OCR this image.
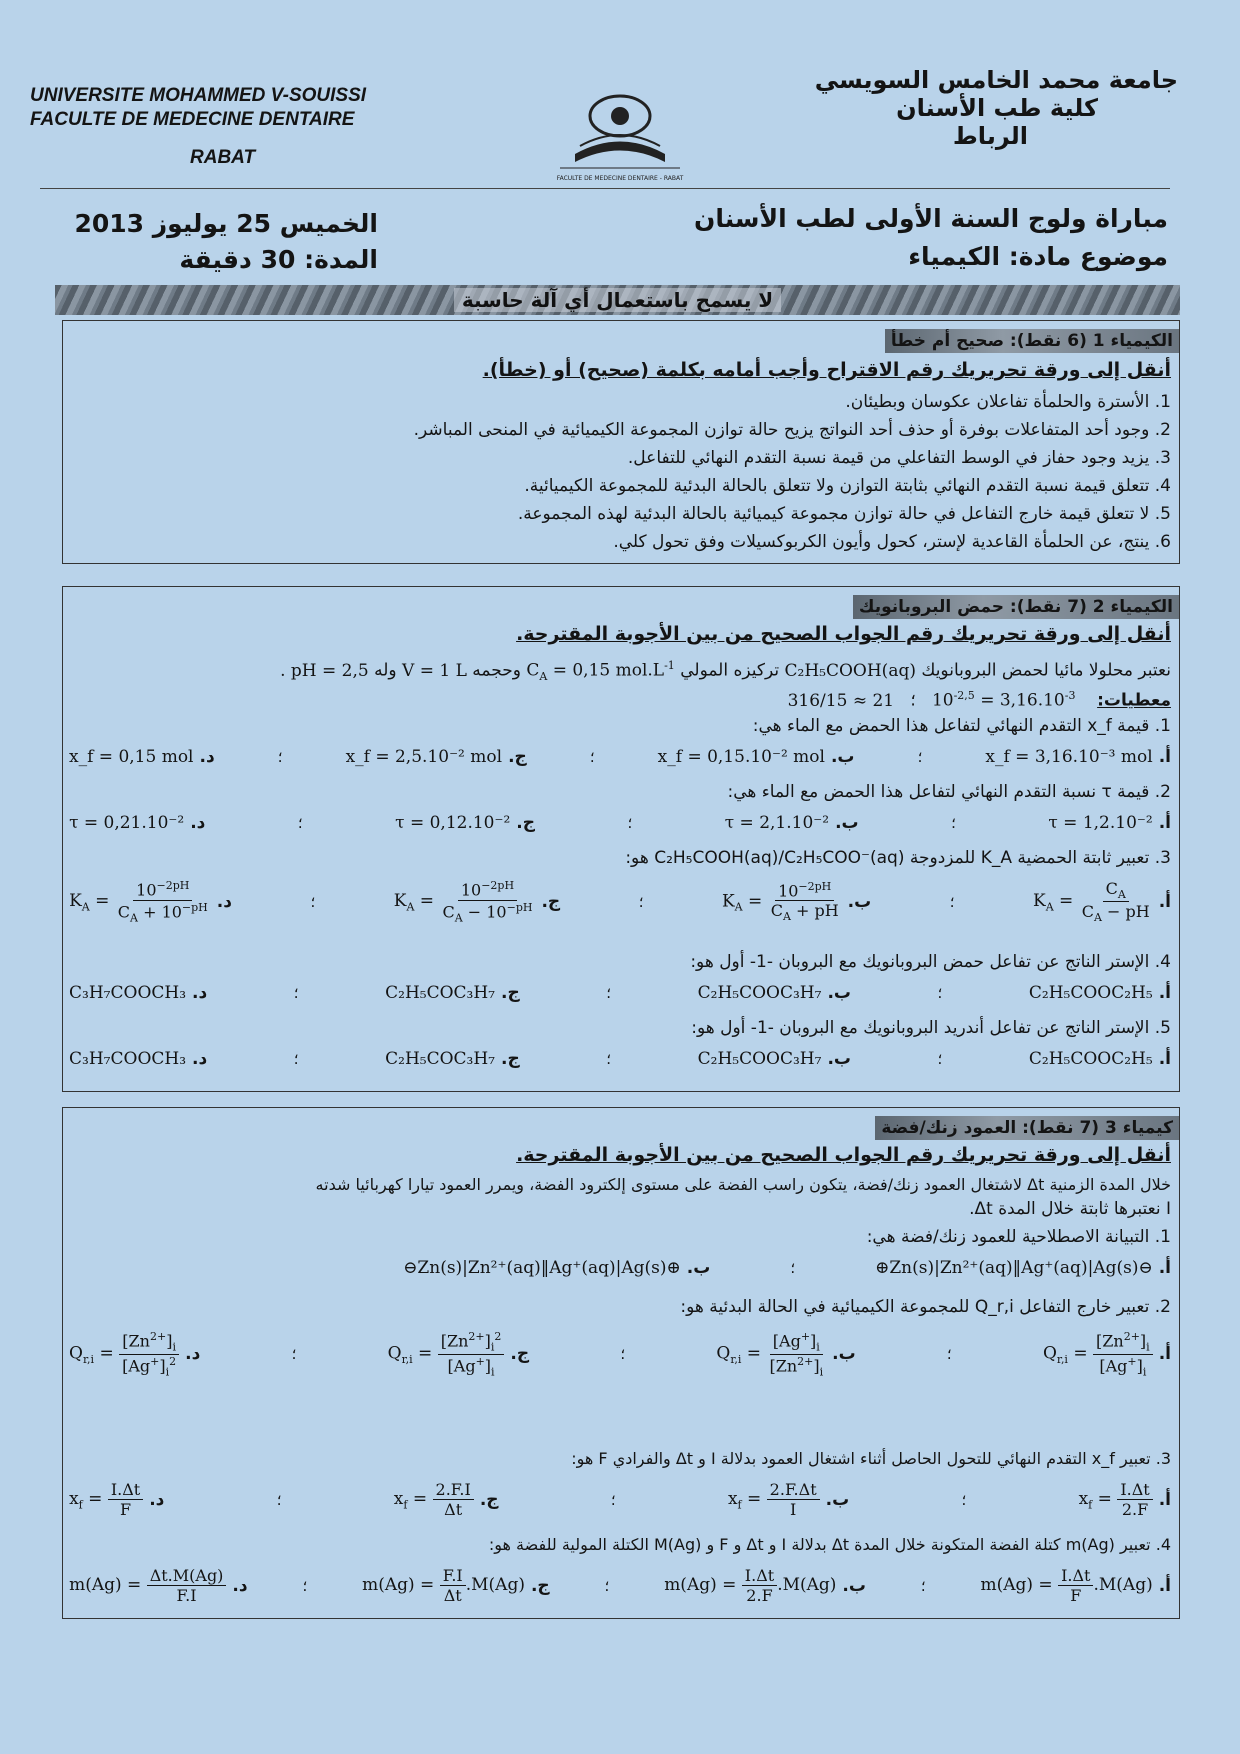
UNIVERSITE MOHAMMED V-SOUISSI
FACULTE DE MEDECINE DENTAIRE
RABAT
FACULTE DE MEDECINE DENTAIRE - RABAT
جامعة محمد الخامس السويسي
كلية طب الأسنان
الرباط
الخميس 25 يوليوز 2013
المدة: 30 دقيقة
مباراة ولوج السنة الأولى لطب الأسنان
موضوع مادة: الكيمياء
لا يسمح باستعمال أي آلة حاسبة
الكيمياء 1 (6 نقط): صحيح أم خطأ
أنقل إلى ورقة تحريريك رقم الاقتراح وأجب أمامه بكلمة (صحيح) أو (خطأ).
1. الأسترة والحلمأة تفاعلان عكوسان وبطيئان.
2. وجود أحد المتفاعلات بوفرة أو حذف أحد النواتج يزيح حالة توازن المجموعة الكيميائية في المنحى المباشر.
3. يزيد وجود حفاز في الوسط التفاعلي من قيمة نسبة التقدم النهائي للتفاعل.
4. تتعلق قيمة نسبة التقدم النهائي بثابتة التوازن ولا تتعلق بالحالة البدئية للمجموعة الكيميائية.
5. لا تتعلق قيمة خارج التفاعل في حالة توازن مجموعة كيميائية بالحالة البدئية لهذه المجموعة.
6. ينتج، عن الحلمأة القاعدية لإستر، كحول وأيون الكربوكسيلات وفق تحول كلي.
الكيمياء 2 (7 نقط): حمض البروبانويك
أنقل إلى ورقة تحريريك رقم الجواب الصحيح من بين الأجوبة المقترحة.
نعتبر محلولا مائيا لحمض البروبانويك C₂H₅COOH(aq) تركيزه المولي $C_A = 0,15$ $mol.L^{-1}$ وحجمه V = 1 L وله . pH = 2,5
معطيات:    $10^{-2,5} = 3,16.10^{-3}$   ؛   316/15 ≈ 21
1. قيمة x_f التقدم النهائي لتفاعل هذا الحمض مع الماء هي:
أ.
x_f = 3,16.10⁻³ mol
؛
ب.
x_f = 0,15.10⁻² mol
؛
ج.
x_f = 2,5.10⁻² mol
؛
د.
x_f = 0,15 mol
2. قيمة τ نسبة التقدم النهائي لتفاعل هذا الحمض مع الماء هي:
أ.
τ = 1,2.10⁻²
؛
ب.
τ = 2,1.10⁻²
؛
ج.
τ = 0,12.10⁻²
؛
د.
τ = 0,21.10⁻²
3. تعبير ثابتة الحمضية K_A للمزدوجة C₂H₅COOH(aq)/C₂H₅COO⁻(aq) هو:
أ.
$K_A = \frac{C_A}{C_A - pH}$
؛
ب.
$K_A = \frac{10^{-2pH}}{C_A + pH}$
؛
ج.
$K_A = \frac{10^{-2pH}}{C_A - 10^{-pH}}$
؛
د.
$K_A = \frac{10^{-2pH}}{C_A + 10^{-pH}}$
4. الإستر الناتج عن تفاعل حمض البروبانويك مع البروبان -1- أول هو:
أ.
C₂H₅COOC₂H₅
؛
ب.
C₂H₅COOC₃H₇
؛
ج.
C₂H₅COC₃H₇
؛
د.
C₃H₇COOCH₃
5. الإستر الناتج عن تفاعل أندريد البروبانويك مع البروبان -1- أول هو:
أ.
C₂H₅COOC₂H₅
؛
ب.
C₂H₅COOC₃H₇
؛
ج.
C₂H₅COC₃H₇
؛
د.
C₃H₇COOCH₃
كيمياء 3 (7 نقط): العمود زنك/فضة
أنقل إلى ورقة تحريريك رقم الجواب الصحيح من بين الأجوبة المقترحة.
خلال المدة الزمنية Δt لاشتغال العمود زنك/فضة، يتكون راسب الفضة على مستوى إلكترود الفضة، ويمرر العمود تيارا كهربائيا شدته
I نعتبرها ثابتة خلال المدة Δt.
1. التبيانة الاصطلاحية للعمود زنك/فضة هي:
أ.
⊕Zn(s)|Zn²⁺(aq)‖Ag⁺(aq)|Ag(s)⊖
؛
ب.
⊖Zn(s)|Zn²⁺(aq)‖Ag⁺(aq)|Ag(s)⊕
2. تعبير خارج التفاعل Q_r,i للمجموعة الكيميائية في الحالة البدئية هو:
أ.
$Q_{r,i} = \frac{[Zn^{2+}]_i}{[Ag^+]_i}$
؛
ب.
$Q_{r,i} = \frac{[Ag^+]_i}{[Zn^{2+}]_i}$
؛
ج.
$Q_{r,i} = \frac{[Zn^{2+}]_i^2}{[Ag^+]_i}$
؛
د.
$Q_{r,i} = \frac{[Zn^{2+}]_i}{[Ag^+]_i^2}$
3. تعبير x_f التقدم النهائي للتحول الحاصل أثناء اشتغال العمود بدلالة I و Δt والفرادي F هو:
أ.
$x_f = \frac{I.\Delta t}{2.F}$
؛
ب.
$x_f = \frac{2.F.\Delta t}{I}$
؛
ج.
$x_f = \frac{2.F.I}{\Delta t}$
؛
د.
$x_f = \frac{I.\Delta t}{F}$
4. تعبير m(Ag) كتلة الفضة المتكونة خلال المدة Δt بدلالة I و Δt و F و M(Ag) الكتلة المولية للفضة هو:
أ.
$m(Ag) = \frac{I.\Delta t}{F} .M(Ag)$
؛
ب.
$m(Ag) = \frac{I.\Delta t}{2.F} .M(Ag)$
؛
ج.
$m(Ag) = \frac{F.I}{\Delta t} .M(Ag)$
؛
د.
$m(Ag) = \frac{\Delta t.M(Ag)}{F.I}$
